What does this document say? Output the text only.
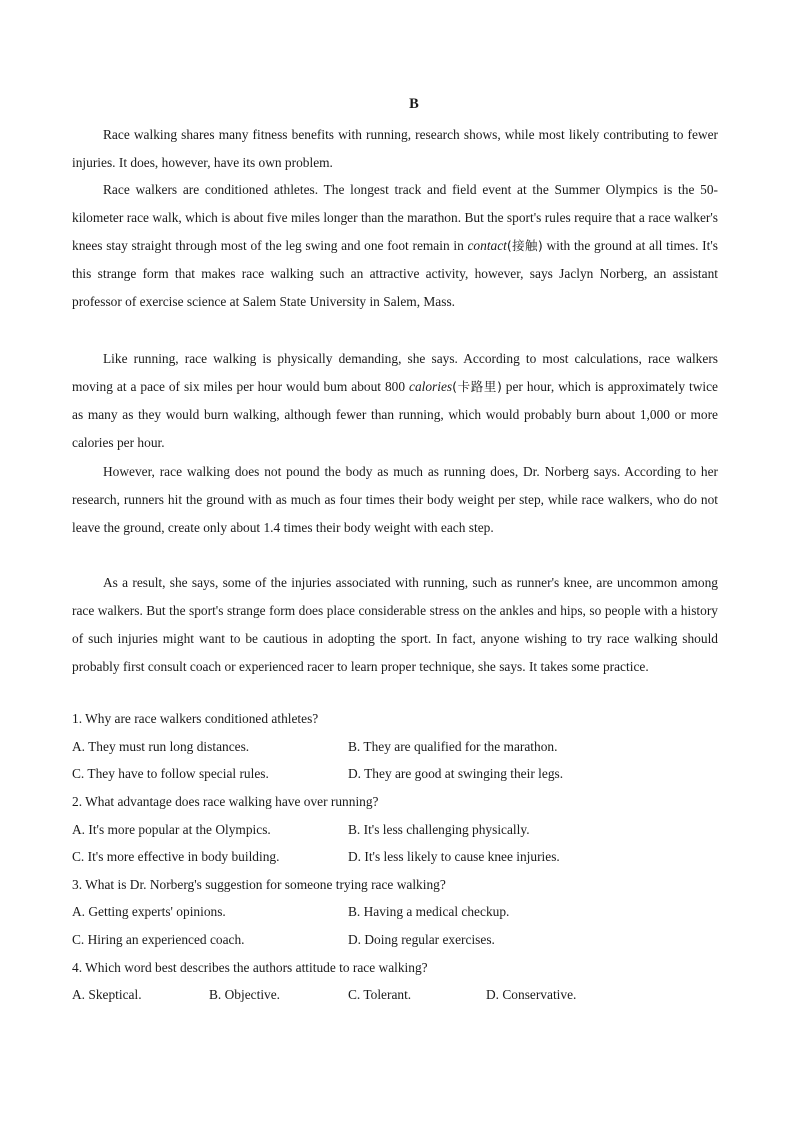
B

Race walking shares many fitness benefits with running, research shows, while most likely contributing to fewer injuries. It does, however, have its own problem.

Race walkers are conditioned athletes. The longest track and field event at the Summer Olympics is the 50-kilometer race walk, which is about five miles longer than the marathon. But the sport's rules require that a race walker's knees stay straight through most of the leg swing and one foot remain in contact(接触) with the ground at all times. It's this strange form that makes race walking such an attractive activity, however, says Jaclyn Norberg, an assistant professor of exercise science at Salem State University in Salem, Mass.

Like running, race walking is physically demanding, she says. According to most calculations, race walkers moving at a pace of six miles per hour would bum about 800 calories(卡路里) per hour, which is approximately twice as many as they would burn walking, although fewer than running, which would probably burn about 1,000 or more calories per hour.

However, race walking does not pound the body as much as running does, Dr. Norberg says. According to her research, runners hit the ground with as much as four times their body weight per step, while race walkers, who do not leave the ground, create only about 1.4 times their body weight with each step.

As a result, she says, some of the injuries associated with running, such as runner's knee, are uncommon among race walkers. But the sport's strange form does place considerable stress on the ankles and hips, so people with a history of such injuries might want to be cautious in adopting the sport. In fact, anyone wishing to try race walking should probably first consult coach or experienced racer to learn proper technique, she says. It takes some practice.

1. Why are race walkers conditioned athletes?
A. They must run long distances.	B. They are qualified for the marathon.
C. They have to follow special rules.	D. They are good at swinging their legs.
2. What advantage does race walking have over running?
A. It's more popular at the Olympics.	B. It's less challenging physically.
C. It's more effective in body building.	D. It's less likely to cause knee injuries.
3. What is Dr. Norberg's suggestion for someone trying race walking?
A. Getting experts' opinions.	B. Having a medical checkup.
C. Hiring an experienced coach.	D. Doing regular exercises.
4. Which word best describes the authors attitude to race walking?
A. Skeptical.	B. Objective.	C. Tolerant.	D. Conservative.
